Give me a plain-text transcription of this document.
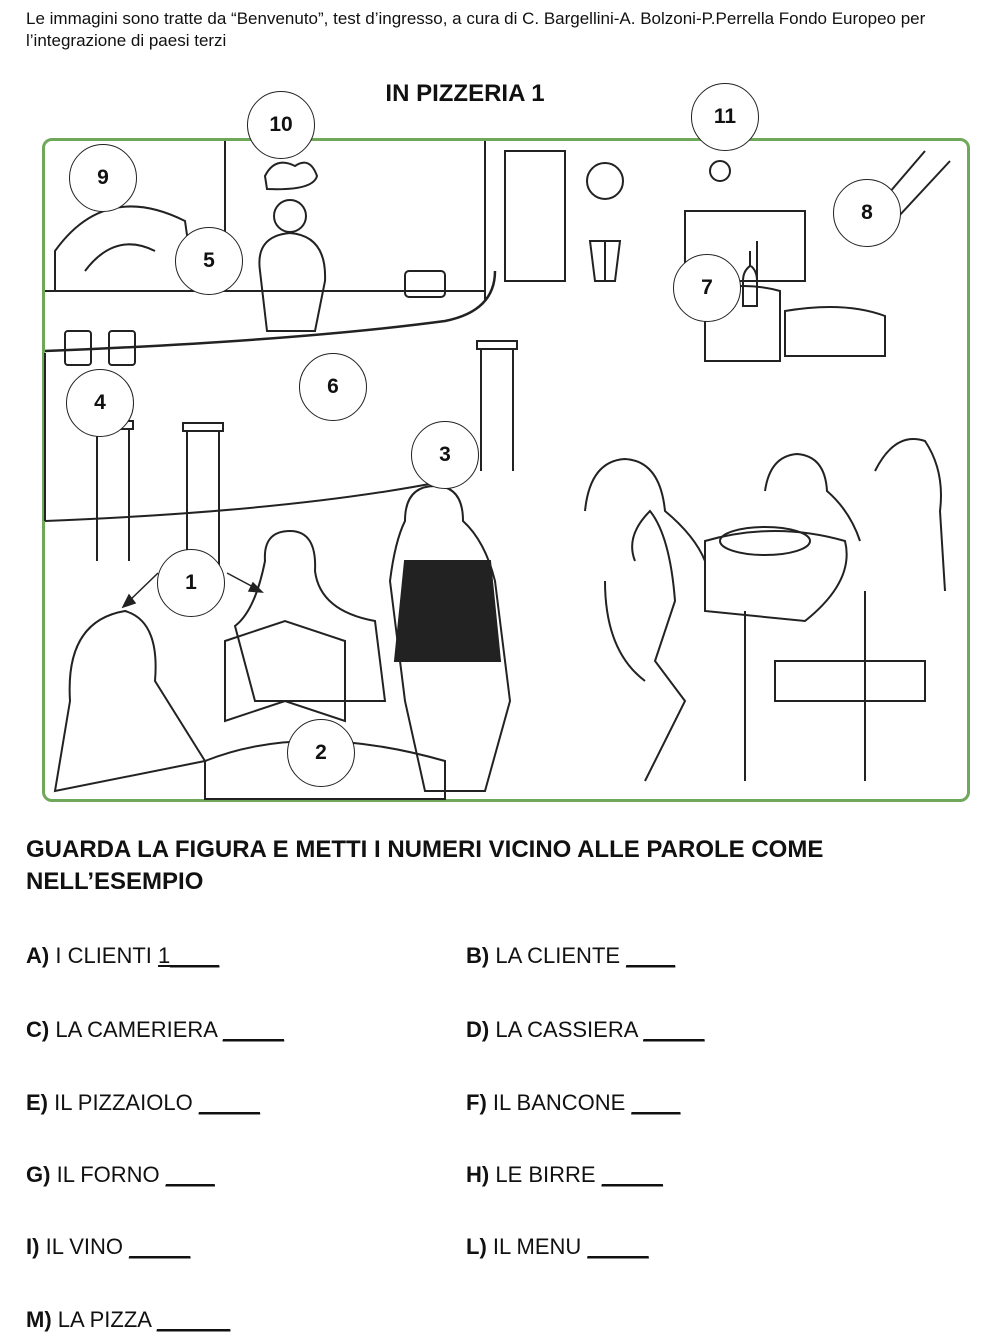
Le immagini sono tratte da “Benvenuto”, test d’ingresso, a cura di C. Bargellini-A. Bolzoni-P.Perrella Fondo Europeo per l’integrazione di paesi terzi
IN PIZZERIA 1
9
10	11
8
5
7
4
6
3
1
2
GUARDA LA FIGURA E METTI I NUMERI VICINO ALLE PAROLE COME NELL’ESEMPIO
A) I CLIENTI 1____	B) LA CLIENTE ____
C) LA CAMERIERA _____	D) LA CASSIERA _____
E) IL PIZZAIOLO _____	F) IL BANCONE ____
G) IL FORNO ____	H) LE BIRRE _____
I) IL VINO _____	L) IL MENU _____
M) LA PIZZA ______
